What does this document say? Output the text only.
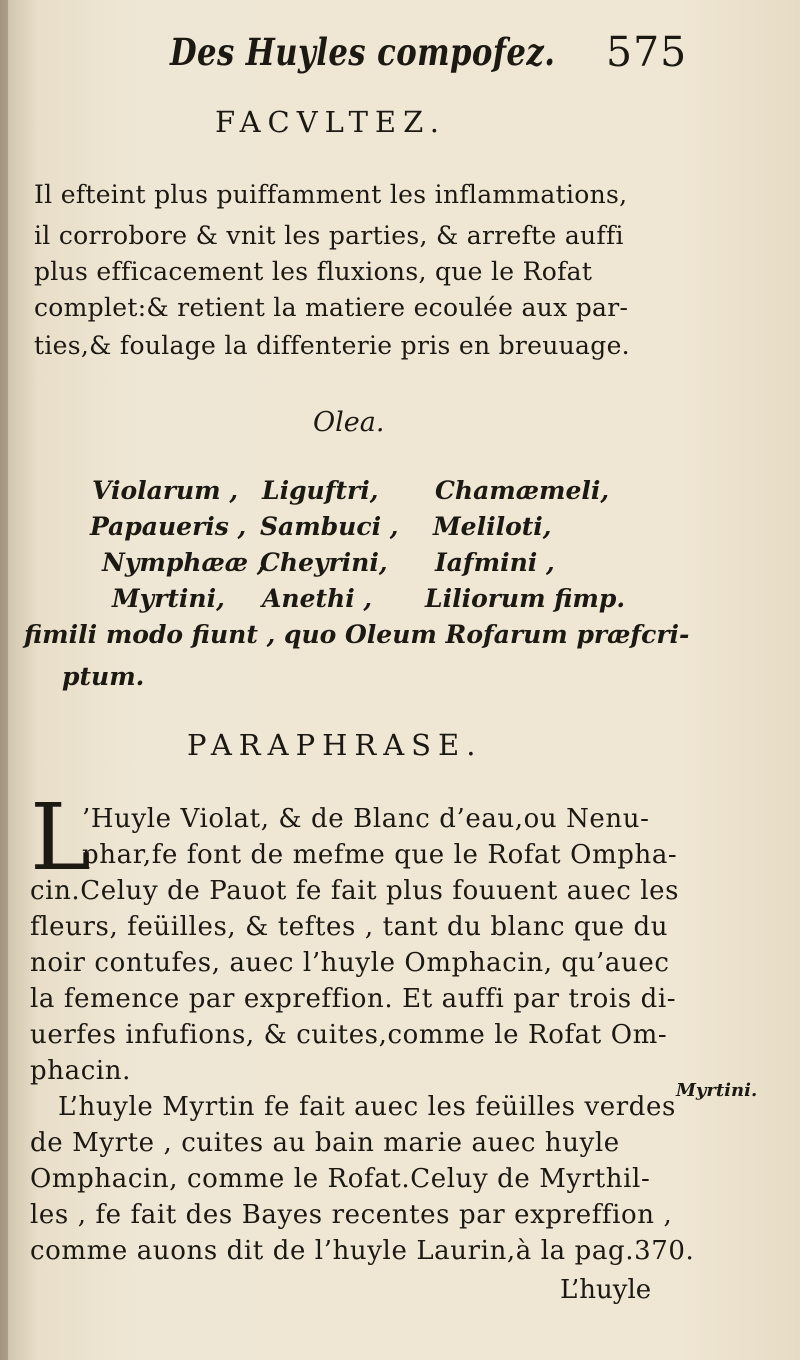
Des Huyles compofez. 575
FACVLTEZ.
Il efteint plus puiffamment les inflammations,
il corrobore & vnit les parties, & arrefte auffi
plus efficacement les fluxions, que le Rofat
complet:& retient la matiere ecoulée aux par-
ties,& foulage la diffenterie pris en breuuage.
Olea.
Violarum , Liguftri, Chamæmeli,
Papaueris , Sambuci , Meliloti,
Nymphææ ,
Cheyrini, Iafmini ,
Myrtini, Anethi , Liliorum fimp.
fimili modo fiunt , quo Oleum Rofarum præfcri-
ptum.
PARAPHRASE.
L
’Huyle Violat, & de Blanc d’eau,ou Nenu-
phar,fe font de mefme que le Rofat Ompha-
cin.Celuy de Pauot fe fait plus fouuent auec les
fleurs, feüilles, & teftes , tant du blanc que du
noir contufes, auec l’huyle Omphacin, qu’auec
la femence par expreffion. Et auffi par trois di-
uerfes infufions, & cuites,comme le Rofat Om-
phacin.
L’huyle Myrtin fe fait auec les feüilles verdes
de Myrte , cuites au bain marie auec huyle
Omphacin, comme le Rofat.Celuy de Myrthil-
les , fe fait des Bayes recentes par expreffion ,
comme auons dit de l’huyle Laurin,à la pag.370.
Myrtini.
L’huyle
